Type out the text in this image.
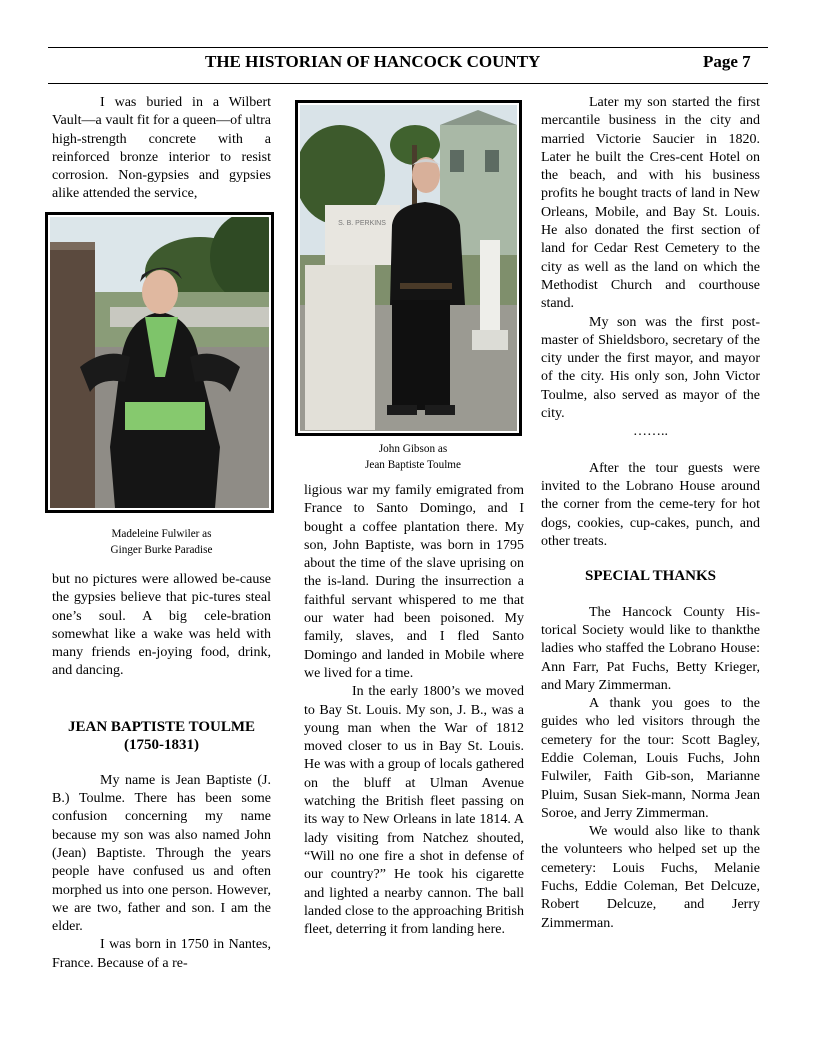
THE HISTORIAN OF HANCOCK COUNTY	Page 7

I was buried in a Wilbert Vault—a vault fit for a queen—of ultra high-strength concrete with a reinforced bronze interior to resist corrosion. Non-gypsies and gypsies alike attended the service,

Madeleine Fulwiler as
Ginger Burke Paradise

but no pictures were allowed be-cause the gypsies believe that pic-tures steal one’s soul. A big cele-bration somewhat like a wake was held with many friends en-joying food, drink, and dancing.

JEAN BAPTISTE TOULME

(1750-1831)

My name is Jean Baptiste (J. B.) Toulme. There has been some confusion concerning my name because my son was also named John (Jean) Baptiste. Through the years people have confused us and often morphed us into one person. However, we are two, father and son. I am the elder.

I was born in 1750 in Nantes, France. Because of a re-

S. B. PERKINS
John Gibson as
Jean Baptiste Toulme

ligious war my family emigrated from France to Santo Domingo, and I bought a coffee plantation there. My son, John Baptiste, was born in 1795 about the time of the slave uprising on the is-land. During the insurrection a faithful servant whispered to me that our water had been poisoned. My family, slaves, and I fled Santo Domingo and landed in Mobile where we lived for a time.

In the early 1800’s we moved to Bay St. Louis. My son, J. B., was a young man when the War of 1812 moved closer to us in Bay St. Louis. He was with a group of locals gathered on the bluff at Ulman Avenue watching the British fleet passing on its way to New Orleans in late 1814. A lady visiting from Natchez shouted, “Will no one fire a shot in defense of our country?” He took his cigarette and lighted a nearby cannon. The ball landed close to the approaching British fleet, deterring it from landing here.

Later my son started the first mercantile business in the city and married Victorie Saucier in 1820. Later he built the Cres-cent Hotel on the beach, and with his business profits he bought tracts of land in New Orleans, Mobile, and Bay St. Louis. He also donated the first section of land for Cedar Rest Cemetery to the city as well as the land on which the Methodist Church and courthouse stand.

My son was the first post-master of Shieldsboro, secretary of the city under the first mayor, and mayor of the city. His only son, John Victor Toulme, also served as mayor of the city.

……..

After the tour guests were invited to the Lobrano House around the corner from the ceme-tery for hot dogs, cookies, cup-cakes, punch, and other treats.

SPECIAL THANKS

The Hancock County His-torical Society would like to thankthe ladies who staffed the Lobrano House: Ann Farr, Pat Fuchs, Betty Krieger, and Mary Zimmerman.

A thank you goes to the guides who led visitors through the cemetery for the tour: Scott Bagley, Eddie Coleman, Louis Fuchs, John Fulwiler, Faith Gib-son, Marianne Pluim, Susan Siek-mann, Norma Jean Soroe, and Jerry Zimmerman.

We would also like to thank the volunteers who helped set up the cemetery: Louis Fuchs, Melanie Fuchs, Eddie Coleman, Bet Delcuze, Robert Delcuze, and Jerry Zimmerman.
